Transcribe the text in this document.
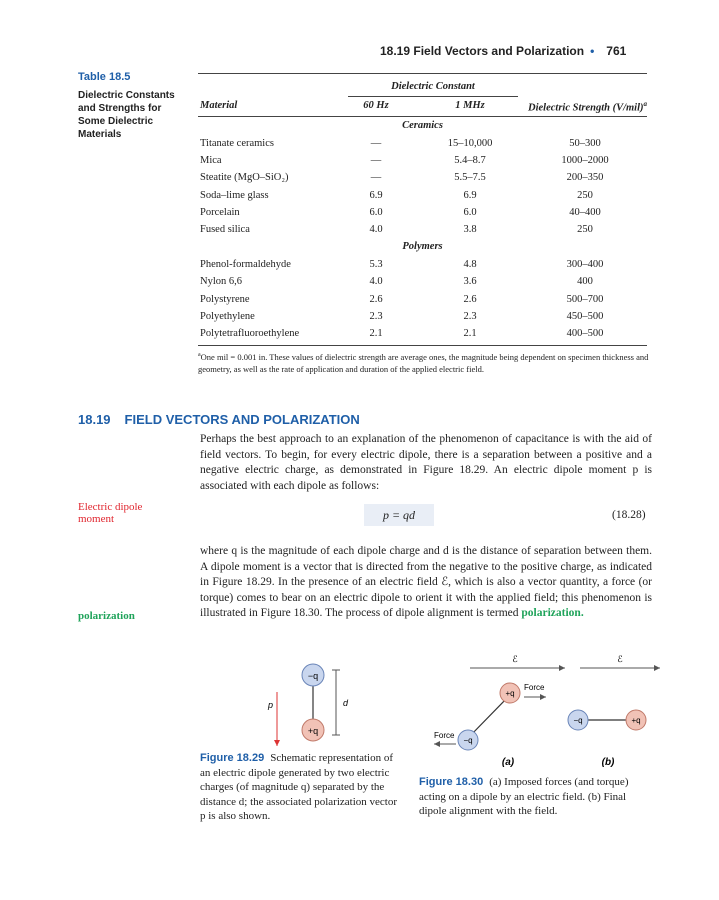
18.19 Field Vectors and Polarization • 761
Table 18.5
Dielectric Constants and Strengths for Some Dielectric Materials
Dielectric Constant
Material	60 Hz	1 MHz	Dielectric Strength $(V/mil)^a$
Ceramics
Titanate ceramics	—	15–10,000	50–300
Mica	—	5.4–8.7	1000–2000
Steatite (MgO–SiO₂)	—	5.5–7.5	200–350
Soda–lime glass	6.9	6.9	250
Porcelain	6.0	6.0	40–400
Fused silica	4.0	3.8	250
Polymers
Phenol-formaldehyde	5.3	4.8	300–400
Nylon 6,6	4.0	3.6	400
Polystyrene	2.6	2.6	500–700
Polyethylene	2.3	2.3	450–500
Polytetrafluoroethylene	2.1	2.1	400–500
$^a$One mil = 0.001 in. These values of dielectric strength are average ones, the magnitude being dependent on specimen thickness and geometry, as well as the rate of application and duration of the applied electric field.
18.19 FIELD VECTORS AND POLARIZATION
Perhaps the best approach to an explanation of the phenomenon of capacitance is with the aid of field vectors. To begin, for every electric dipole, there is a separation between a positive and a negative electric charge, as demonstrated in Figure 18.29. An electric dipole moment p is associated with each dipole as follows:
Electric dipole moment	p = qd	(18.28)
where q is the magnitude of each dipole charge and d is the distance of separation between them. A dipole moment is a vector that is directed from the negative to the positive charge, as indicated in Figure 18.29. In the presence of an electric field ℰ, which is also a vector quantity, a force (or torque) comes to bear on an electric dipole to orient it with the applied field; this phenomenon is illustrated in Figure 18.30. The process of dipole alignment is termed polarization.
polarization
−q
+q
p	d
Figure 18.29 Schematic representation of an electric dipole generated by two electric charges (of magnitude q) separated by the distance d; the associated polarization vector p is also shown.
ℰ
+q
−q
Force
Force
(a)
ℰ
−q	+q
(b)
Figure 18.30 (a) Imposed forces (and torque) acting on a dipole by an electric field. (b) Final dipole alignment with the field.
